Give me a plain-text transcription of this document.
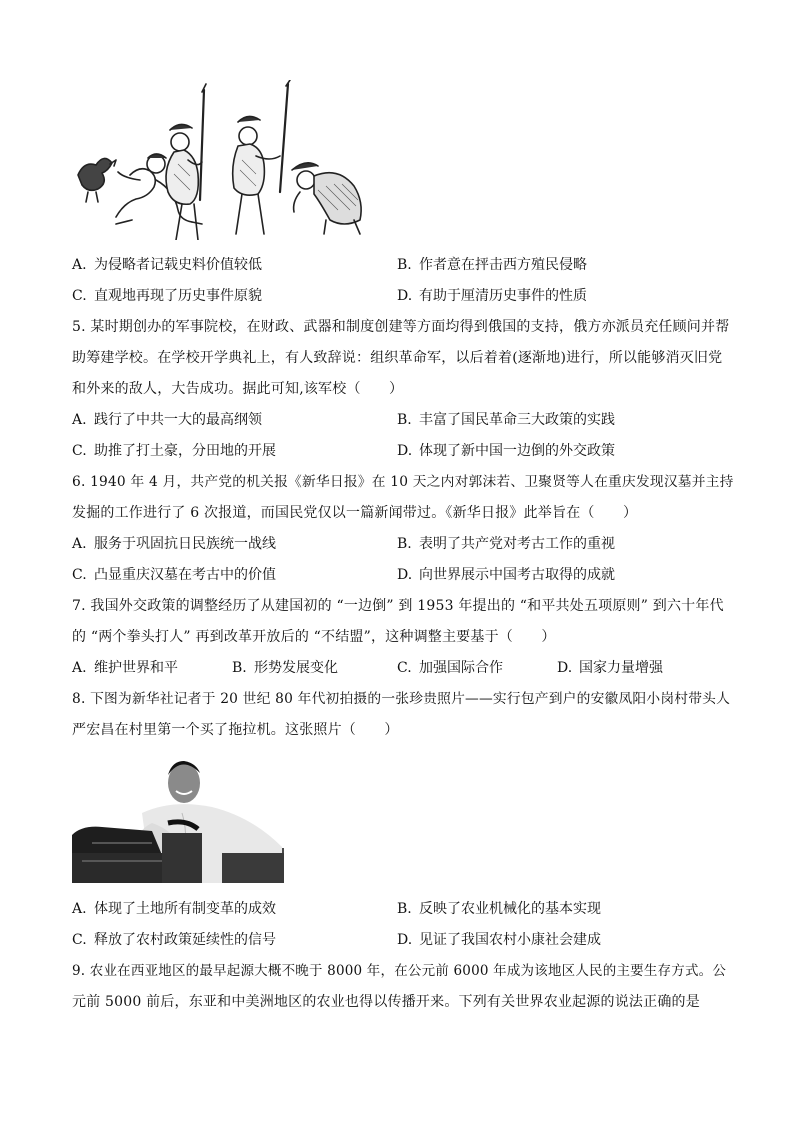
A. 为侵略者记载史料价值较低	B. 作者意在抨击西方殖民侵略
C. 直观地再现了历史事件原貌	D. 有助于厘清历史事件的性质
5. 某时期创办的军事院校，在财政、武器和制度创建等方面均得到俄国的支持，俄方亦派员充任顾问并帮
助筹建学校。在学校开学典礼上，有人致辞说：组织革命军，以后着着(逐渐地)进行，所以能够消灭旧党
和外来的敌人，大告成功。据此可知,该军校（　　）
A. 践行了中共一大的最高纲领	B. 丰富了国民革命三大政策的实践
C. 助推了打土豪，分田地的开展	D. 体现了新中国一边倒的外交政策
6. 1940 年 4 月，共产党的机关报《新华日报》在 10 天之内对郭沫若、卫聚贤等人在重庆发现汉墓并主持
发掘的工作进行了 6 次报道，而国民党仅以一篇新闻带过。《新华日报》此举旨在（　　）
A. 服务于巩固抗日民族统一战线	B. 表明了共产党对考古工作的重视
C. 凸显重庆汉墓在考古中的价值	D. 向世界展示中国考古取得的成就
7. 我国外交政策的调整经历了从建国初的 “一边倒” 到 1953 年提出的 “和平共处五项原则” 到六十年代
的 “两个拳头打人” 再到改革开放后的 “不结盟”，这种调整主要基于（　　）
A. 维护世界和平	B. 形势发展变化	C. 加强国际合作	D. 国家力量增强
8. 下图为新华社记者于 20 世纪 80 年代初拍摄的一张珍贵照片——实行包产到户的安徽凤阳小岗村带头人
严宏昌在村里第一个买了拖拉机。这张照片（　　）
A. 体现了土地所有制变革的成效	B. 反映了农业机械化的基本实现
C. 释放了农村政策延续性的信号	D. 见证了我国农村小康社会建成
9. 农业在西亚地区的最早起源大概不晚于 8000 年，在公元前 6000 年成为该地区人民的主要生存方式。公
元前 5000 前后，东亚和中美洲地区的农业也得以传播开来。下列有关世界农业起源的说法正确的是
